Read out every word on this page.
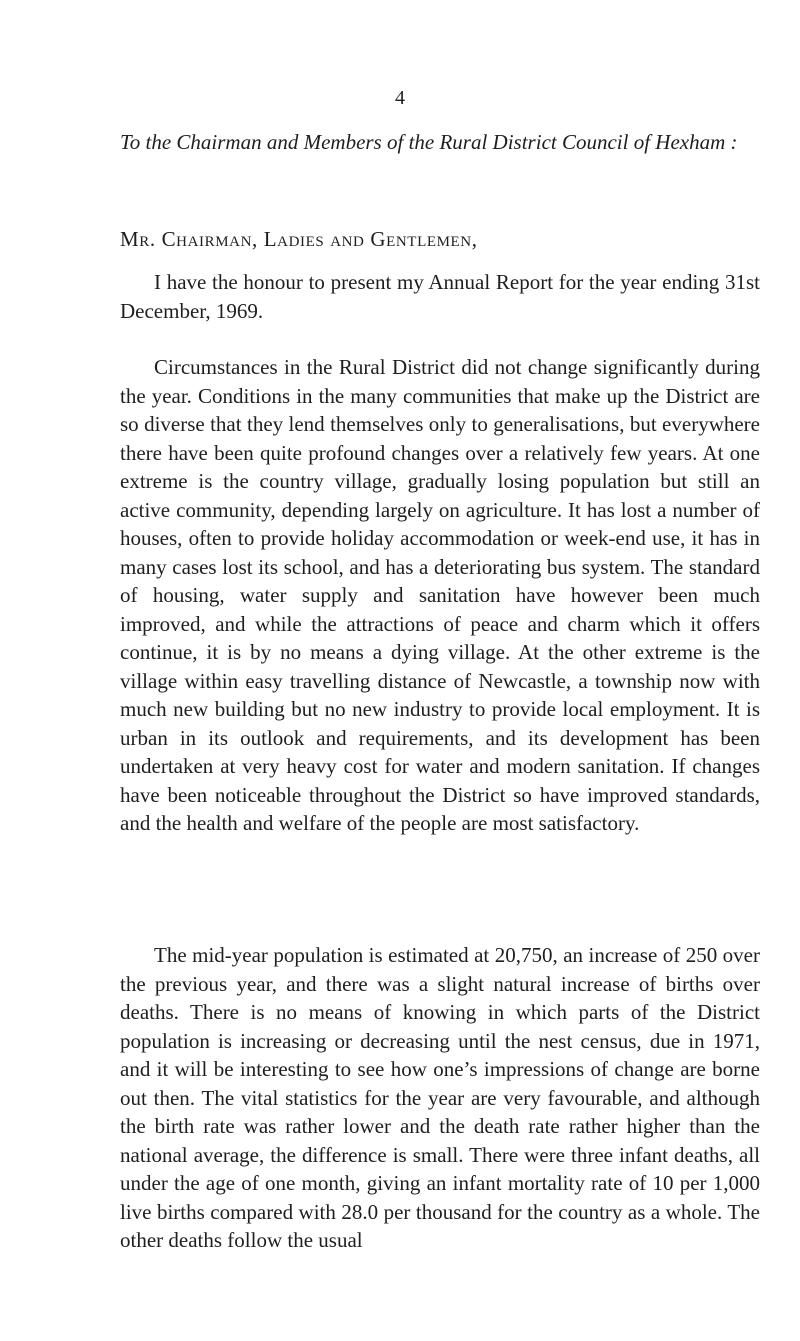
4

To the Chairman and Members of the Rural District Council of Hexham :

Mr. Chairman, Ladies and Gentlemen,

I have the honour to present my Annual Report for the year ending 31st December, 1969.

Circumstances in the Rural District did not change significantly during the year. Conditions in the many communities that make up the District are so diverse that they lend themselves only to generalisations, but everywhere there have been quite profound changes over a relatively few years. At one extreme is the country village, gradually losing population but still an active community, depending largely on agriculture. It has lost a number of houses, often to provide holiday accommodation or week-end use, it has in many cases lost its school, and has a deteriorating bus system. The standard of housing, water supply and sanitation have however been much improved, and while the attractions of peace and charm which it offers continue, it is by no means a dying village. At the other extreme is the village within easy travelling distance of Newcastle, a township now with much new building but no new industry to provide local employment. It is urban in its outlook and requirements, and its development has been undertaken at very heavy cost for water and modern sanitation. If changes have been noticeable throughout the District so have improved standards, and the health and welfare of the people are most satisfactory.

The mid-year population is estimated at 20,750, an increase of 250 over the previous year, and there was a slight natural increase of births over deaths. There is no means of knowing in which parts of the District population is increasing or decreasing until the nest census, due in 1971, and it will be interesting to see how one’s impressions of change are borne out then. The vital statistics for the year are very favourable, and although the birth rate was rather lower and the death rate rather higher than the national average, the difference is small. There were three infant deaths, all under the age of one month, giving an infant mortality rate of 10 per 1,000 live births compared with 28.0 per thousand for the country as a whole. The other deaths follow the usual
